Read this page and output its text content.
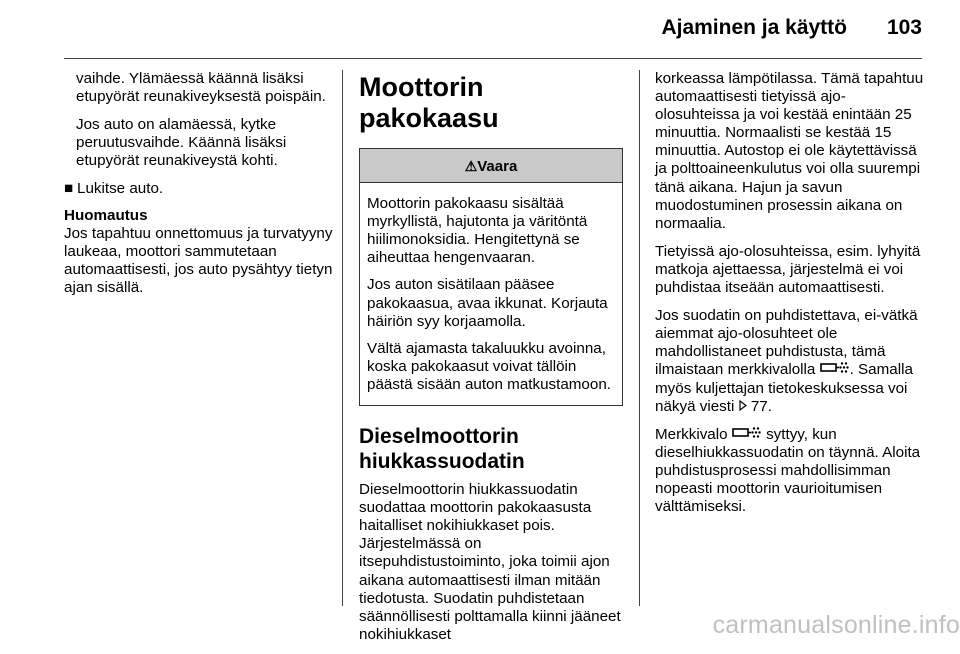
Ajaminen ja käyttö 103

vaihde. Ylämäessä käännä lisäksi etupyörät reunakiveyksestä poispäin.

Jos auto on alamäessä, kytke peruutusvaihde. Käännä lisäksi etupyörät reunakiveystä kohti.

■ Lukitse auto.
Huomautus
Jos tapahtuu onnettomuus ja turvatyyny laukeaa, moottori sammutetaan automaattisesti, jos auto pysähtyy tietyn ajan sisällä.
Moottorin pakokaasu
⚠Vaara

Moottorin pakokaasu sisältää myrkyllistä, hajutonta ja väritöntä hiilimonoksidia. Hengitettynä se aiheuttaa hengenvaaran.

Jos auton sisätilaan pääsee pakokaasua, avaa ikkunat. Korjauta häiriön syy korjaamolla.

Vältä ajamasta takaluukku avoinna, koska pakokaasut voivat tällöin päästä sisään auton matkustamoon.

Dieselmoottorin hiukkassuodatin

Dieselmoottorin hiukkassuodatin suodattaa moottorin pakokaasusta haitalliset nokihiukkaset pois. Järjestelmässä on itsepuhdistustoiminto, joka toimii ajon aikana automaattisesti ilman mitään tiedotusta. Suodatin puhdistetaan säännöllisesti polttamalla kiinni jääneet nokihiukkaset

korkeassa lämpötilassa. Tämä tapahtuu automaattisesti tietyissä ajo-olosuhteissa ja voi kestää enintään 25 minuuttia. Normaalisti se kestää 15 minuuttia. Autostop ei ole käytettävissä ja polttoaineenkulutus voi olla suurempi tänä aikana. Hajun ja savun muodostuminen prosessin aikana on normaalia.

Tietyissä ajo-olosuhteissa, esim. lyhyitä matkoja ajettaessa, järjestelmä ei voi puhdistaa itseään automaattisesti.

Jos suodatin on puhdistettava, ei-vätkä aiemmat ajo-olosuhteet ole mahdollistaneet puhdistusta, tämä ilmaistaan merkkivalolla . Samalla myös kuljettajan tietokeskuksessa voi näkyä viesti 77.

Merkkivalo	syttyy, kun dieselhiukkassuodatin on täynnä. Aloita puhdistusprosessi mahdollisimman nopeasti moottorin vaurioitumisen välttämiseksi.

carmanualsonline.info
